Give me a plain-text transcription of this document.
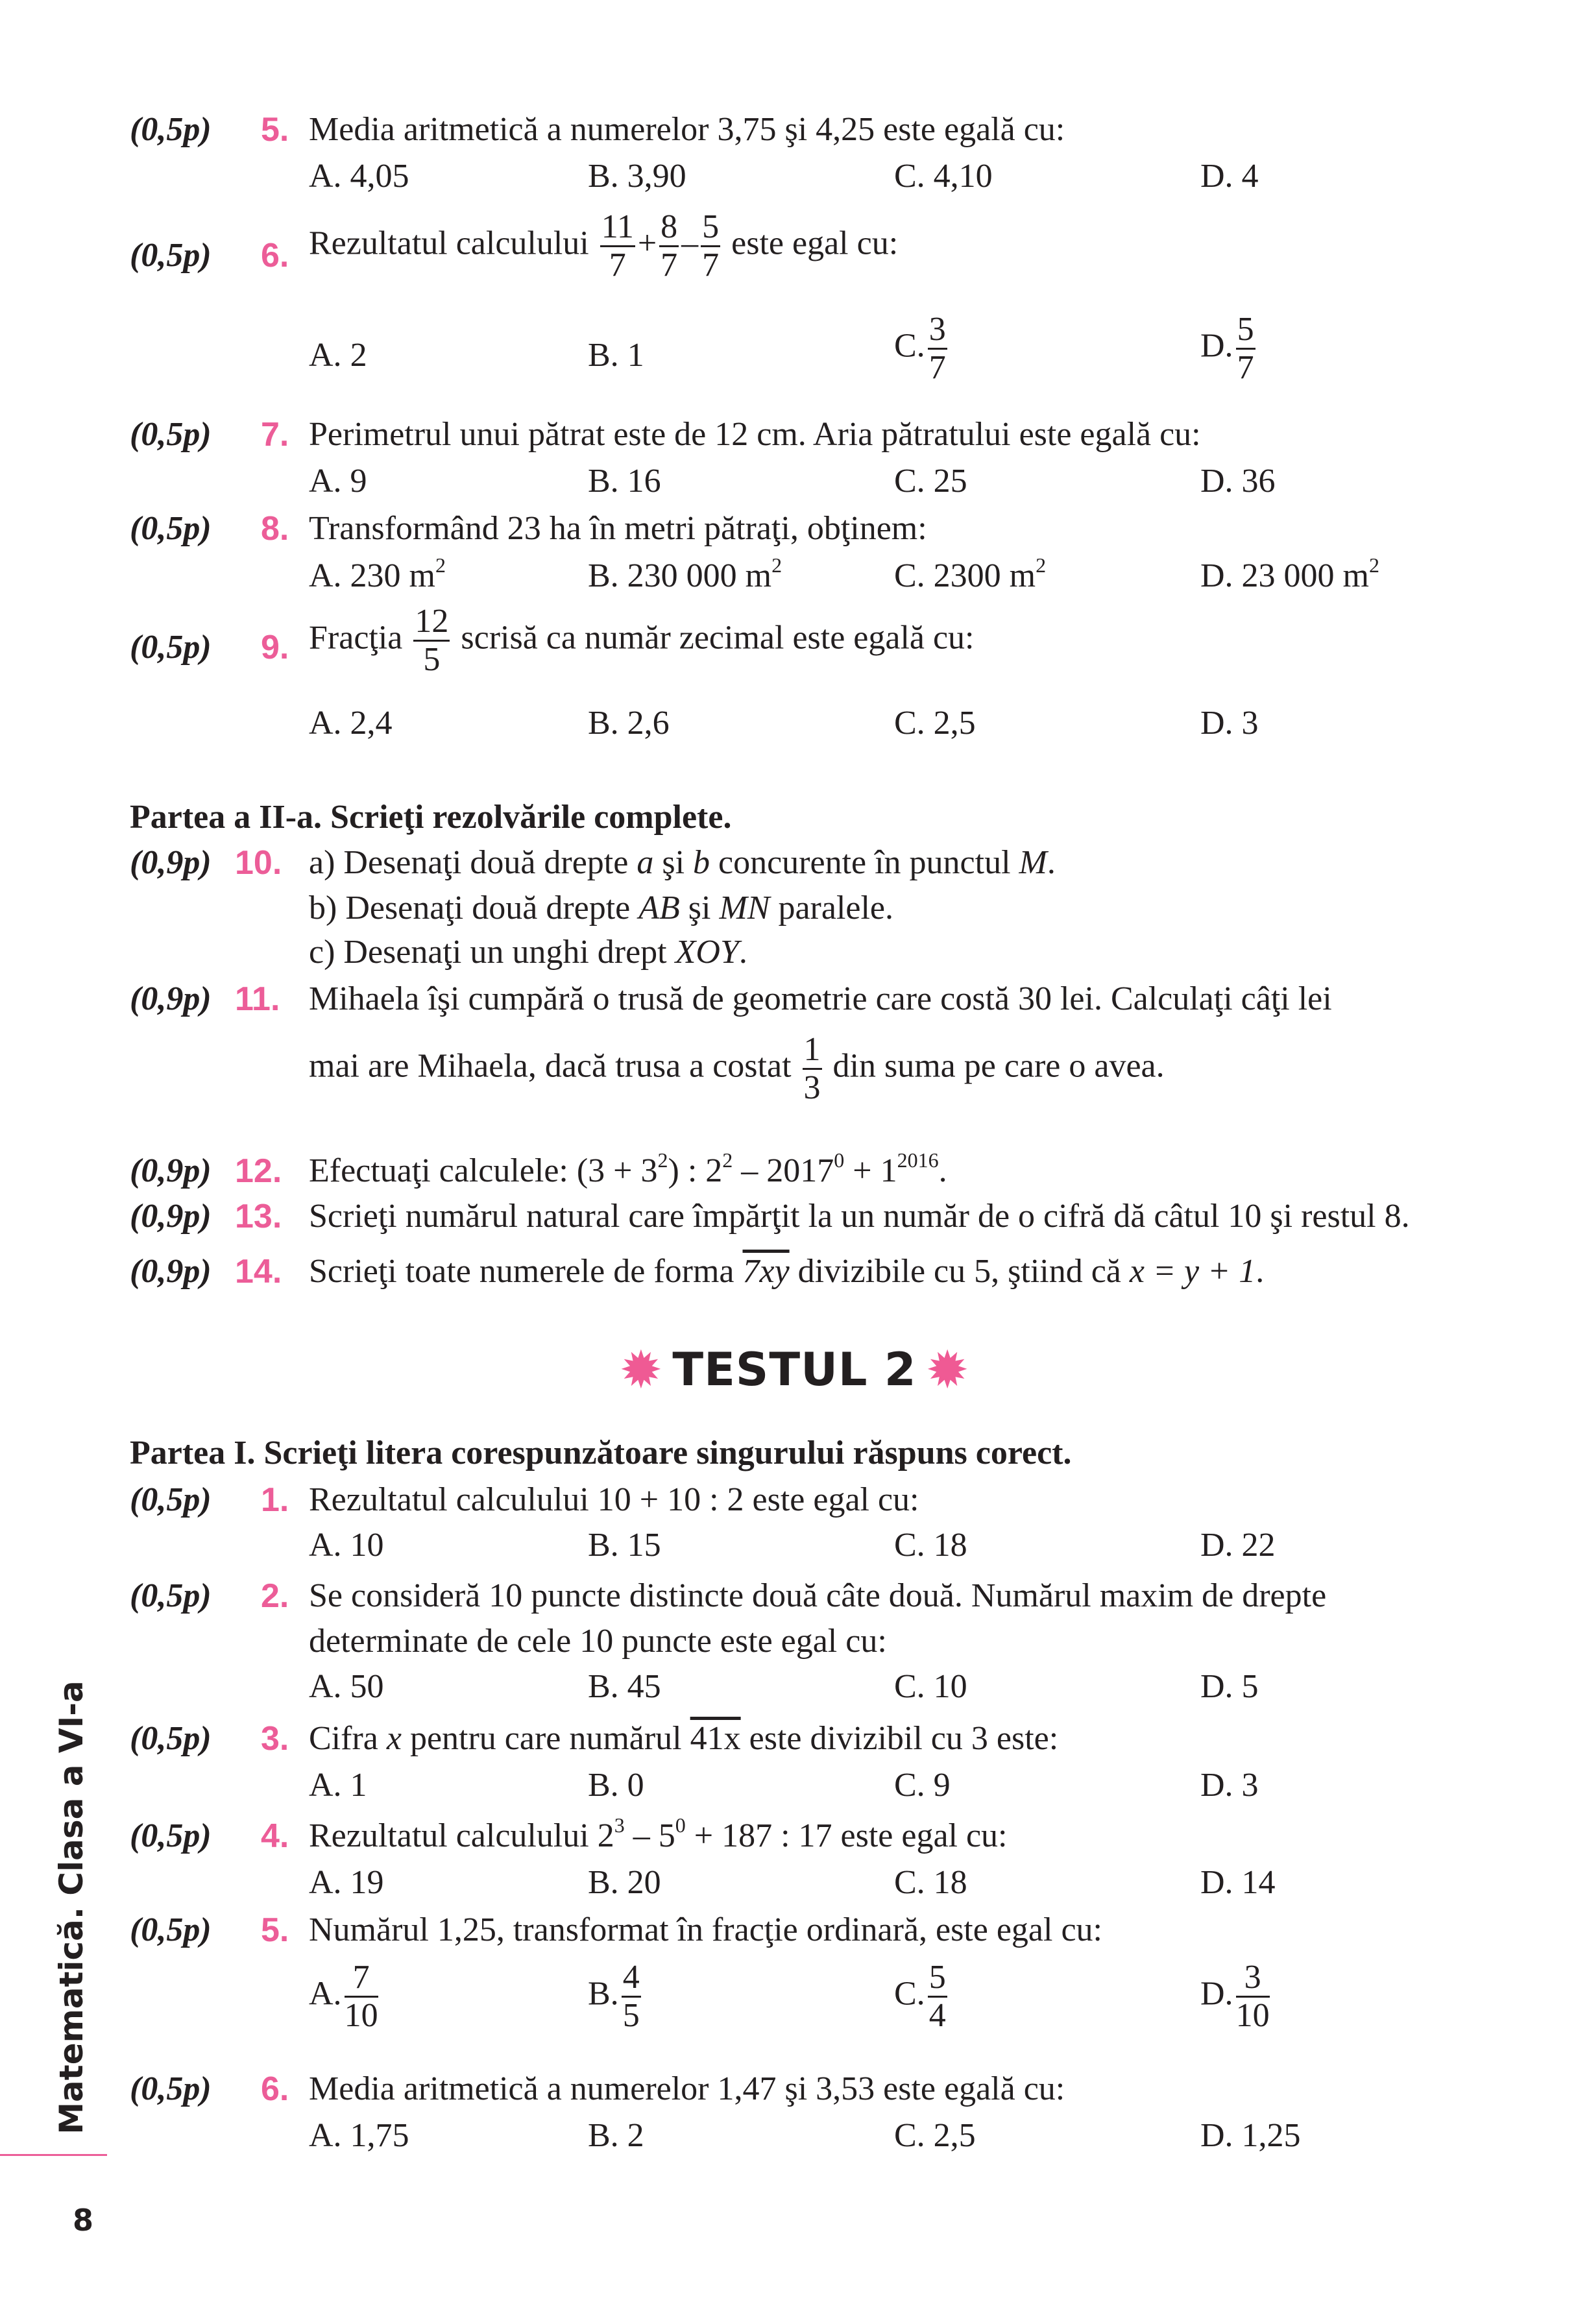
(0,5p)	5. Media aritmetică a numerelor 3,75 şi 4,25 este egală cu:
A. 4,05	B. 3,90	C. 4,10	D. 4
(0,5p)	6. Rezultatul calculului $\frac{11}{7} + \frac{8}{7} - \frac{5}{7}$ este egal cu:
A. 2	B. 1	C. $\frac{3}{7}$	D. $\frac{5}{7}$
(0,5p)	7. Perimetrul unui pătrat este de 12 cm. Aria pătratului este egală cu:
A. 9	B. 16	C. 25	D. 36
(0,5p)	8. Transformând 23 ha în metri pătraţi, obţinem:
A. 230 $m^2$	B. 230 000 $m^2$	C. 2300 $m^2$	D. 23 000 $m^2$
(0,5p)	9. Fracţia $\frac{12}{5}$ scrisă ca număr zecimal este egală cu:
A. 2,4	B. 2,6	C. 2,5	D. 3
Partea a II-a. Scrieţi rezolvările complete.
(0,9p) 10. a) Desenaţi două drepte a şi b concurente în punctul M.
b) Desenaţi două drepte AB şi MN paralele.
c) Desenaţi un unghi drept XOY.
(0,9p) 11. Mihaela îşi cumpără o trusă de geometrie care costă 30 lei. Calculaţi câţi lei
mai are Mihaela, dacă trusa a costat $\frac{1}{3}$ din suma pe care o avea.
(0,9p) 12. Efectuaţi calculele: $(3 + 3^2)$ : $2^2 - 2017^0 + 1^{2016}$.
(0,9p) 13. Scrieţi numărul natural care împărţit la un număr de o cifră dă câtul 10 şi restul 8.
(0,9p) 14. Scrieţi toate numerele de forma 7xy divizibile cu 5, ştiind că x = y + 1.
✹ TESTUL 2 ✹
Partea I. Scrieţi litera corespunzătoare singurului răspuns corect.
(0,5p)	1. Rezultatul calculului 10 + 10 : 2 este egal cu:
A. 10	B. 15	C. 18	D. 22
(0,5p)	2. Se consideră 10 puncte distincte două câte două. Numărul maxim de drepte
determinate de cele 10 puncte este egal cu:
A. 50	B. 45	C. 10	D. 5
(0,5p)	3. Cifra x pentru care numărul 41x este divizibil cu 3 este:
A. 1	B. 0	C. 9	D. 3
(0,5p)	4. Rezultatul calculului $2^3 - 5^0 + 187$ : 17 este egal cu:
A. 19	B. 20	C. 18	D. 14
(0,5p)	5. Numărul 1,25, transformat în fracţie ordinară, este egal cu:
A. $\frac{7}{10}$	B. $\frac{4}{5}$	C. $\frac{5}{4}$	D. $\frac{3}{10}$
(0,5p)	6. Media aritmetică a numerelor 1,47 şi 3,53 este egală cu:
A. 1,75	B. 2	C. 2,5	D. 1,25
Matematică. Clasa a VI-a
8
